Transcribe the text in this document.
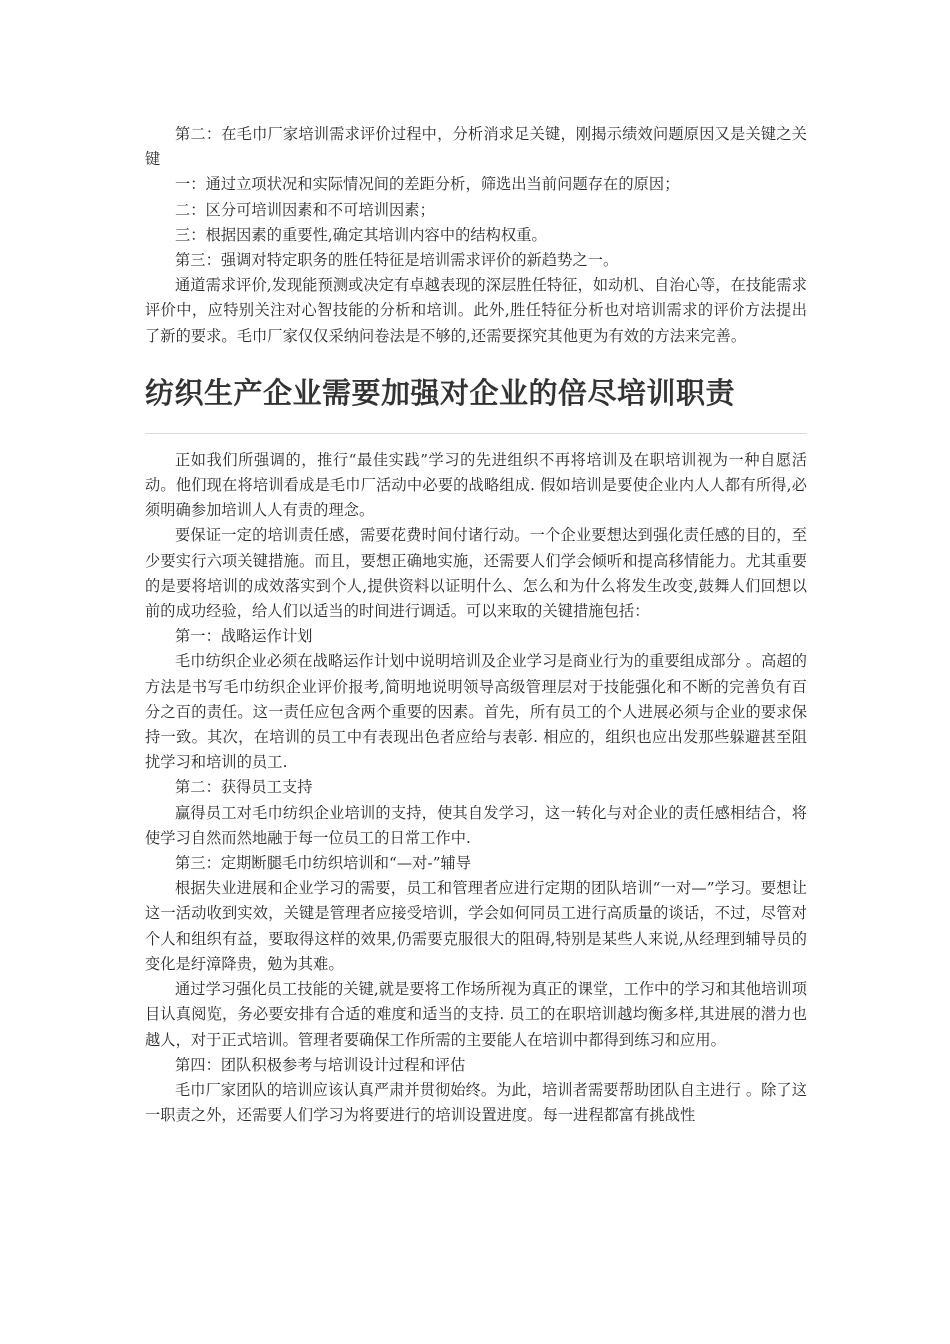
第二：在毛巾厂家培训需求评价过程中，分析消求足关键，刚揭示绩效问题原因又是关键之关键

一：通过立项状况和实际情况间的差距分析，筛选出当前问题存在的原因；

二：区分可培训因素和不可培训因素；

三：根据因素的重要性,确定其培训内容中的结构权重。

第三：强调对特定职务的胜任特征是培训需求评价的新趋势之一。

通道需求评价,发现能预测或决定有卓越表现的深层胜任特征，如动机、自治心等，在技能需求评价中，应特别关注对心智技能的分析和培训。此外,胜任特征分析也对培训需求的评价方法提出了新的要求。毛巾厂家仅仅采纳问卷法是不够的,还需要探究其他更为有效的方法来完善。

纺织生产企业需要加强对企业的倍尽培训职责

正如我们所强调的，推行“最佳实践”学习的先进组织不再将培训及在职培训视为一种自愿活动。他们现在将培训看成是毛巾厂活动中必要的战略组成. 假如培训是要使企业内人人都有所得,必须明确参加培训人人有责的理念。

要保证一定的培训责任感，需要花费时间付诸行动。一个企业要想达到强化责任感的目的，至少要实行六项关键措施。而且，要想正确地实施，还需要人们学会倾听和提高移情能力。尤其重要的是要将培训的成效落实到个人,提供资料以证明什么、怎么和为什么将发生改变,鼓舞人们回想以前的成功经验，给人们以适当的时间进行调适。可以来取的关键措施包括：

第一：战略运作计划

毛巾纺织企业必须在战略运作计划中说明培训及企业学习是商业行为的重要组成部分 。高超的方法是书写毛巾纺织企业评价报考,简明地说明领导高级管理层对于技能强化和不断的完善负有百分之百的责任。这一责任应包含两个重要的因素。首先，所有员工的个人进展必须与企业的要求保持一致。其次，在培训的员工中有表现出色者应给与表彰. 相应的，组织也应出发那些躲避甚至阻扰学习和培训的员工.

第二：获得员工支持

赢得员工对毛巾纺织企业培训的支持，使其自发学习，这一转化与对企业的责任感相结合，将使学习自然而然地融于每一位员工的日常工作中.

第三：定期断腿毛巾纺织培训和“—对-”辅导

根据失业进展和企业学习的需要，员工和管理者应进行定期的团队培训“一对—”学习。要想让这一活动收到实效，关键是管理者应接受培训，学会如何同员工进行高质量的谈话，不过，尽管对个人和组织有益，要取得这样的效果,仍需要克服很大的阻碍,特别是某些人来说,从经理到辅导员的变化是纡漳降贵，勉为其难。

通过学习强化员工技能的关键,就是要将工作场所视为真正的课堂，工作中的学习和其他培训项目认真阅览，务必要安排有合适的难度和适当的支持. 员工的在职培训越均衡多样,其进展的潜力也越人，对于正式培训。管理者要确保工作所需的主要能人在培训中都得到练习和应用。

第四：团队积极参考与培训设计过程和评估

毛巾厂家团队的培训应该认真严肃并贯彻始终。为此，培训者需要帮助团队自主进行 。除了这一职责之外，还需要人们学习为将要进行的培训设置进度。每一进程都富有挑战性
